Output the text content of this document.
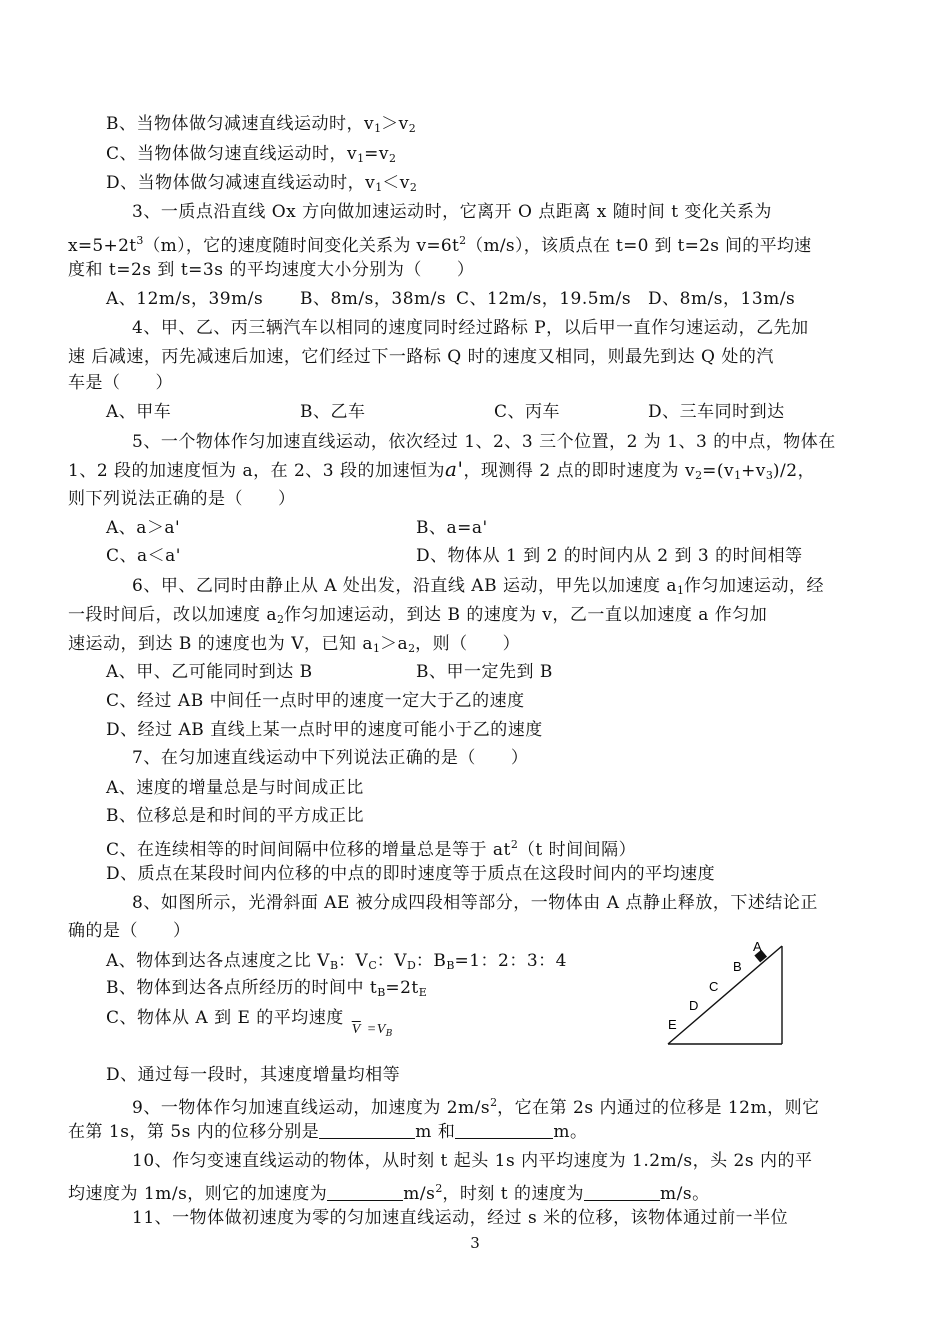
B、当物体做匀减速直线运动时，$v_1>v_2$
C、当物体做匀速直线运动时，$v_1=v_2$
D、当物体做匀减速直线运动时，$v_1<v_2$
3、一质点沿直线 Ox 方向做加速运动时，它离开 O 点距离 x 随时间 t 变化关系为
$x=5+2t^3(m)$，它的速度随时间变化关系为 $v=6t^2(m/s)$，该质点在 t=0 到 t=2s 间的平均速
度和 t=2s 到 t=3s 的平均速度大小分别为（　　）
A、12m/s，39m/s B、8m/s，38m/s C、12m/s，19.5m/s D、8m/s，13m/s
4、甲、乙、丙三辆汽车以相同的速度同时经过路标 P，以后甲一直作匀速运动，乙先加
速 后减速，丙先减速后加速，它们经过下一路标 Q 时的速度又相同，则最先到达 Q 处的汽
车是（　　）
A、甲车	B、乙车	C、丙车	D、三车同时到达
5、一个物体作匀加速直线运动，依次经过 1、2、3 三个位置，2 为 1、3 的中点，物体在
1、2 段的加速度恒为 a，在 2、3 段的加速恒为a'，现测得 2 点的即时速度为 $v_2=(v_1+v_3)/2$，
则下列说法正确的是（　　）
A、a＞a'	B、a=a'
C、a＜a'	D、物体从 1 到 2 的时间内从 2 到 3 的时间相等
6、甲、乙同时由静止从 A 处出发，沿直线 AB 运动，甲先以加速度 $a_1$作匀加速运动，经
一段时间后，改以加速度 $a_2$作匀加速运动，到达 B 的速度为 v，乙一直以加速度 a 作匀加
速运动，到达 B 的速度也为 V，已知 $a_1>a_2$，则（　　）
A、甲、乙可能同时到达 B	B、甲一定先到 B
C、经过 AB 中间任一点时甲的速度一定大于乙的速度
D、经过 AB 直线上某一点时甲的速度可能小于乙的速度
7、在匀加速直线运动中下列说法正确的是（　　）
A、速度的增量总是与时间成正比
B、位移总是和时间的平方成正比
C、在连续相等的时间间隔中位移的增量总是等于 $at^2(t$ 时间间隔）
D、质点在某段时间内位移的中点的即时速度等于质点在这段时间内的平均速度
8、如图所示，光滑斜面 AE 被分成四段相等部分，一物体由 A 点静止释放，下述结论正
确的是（　　）
A、物体到达各点速度之比 $V_B$：$V_C$：$V_D$：$B_B=1$：2：3：4
B、物体到达各点所经历的时间中 $t_B=2t_E$
C、物体从 A 到 E 的平均速度 $\overline{V} =V_B$
D、通过每一段时，其速度增量均相等
A
B
C
D
E
9、一物体作匀加速直线运动，加速度为 $2m/s^2$，它在第 2s 内通过的位移是 12m，则它
在第 1s，第 5s 内的位移分别是	m 和	m。
10、作匀变速直线运动的物体，从时刻 t 起头 1s 内平均速度为 1.2m/s，头 2s 内的平
均速度为 1m/s，则它的加速度为	$m/s^2$，时刻 t 的速度为	m/s。
11、一物体做初速度为零的匀加速直线运动，经过 s 米的位移，该物体通过前一半位
3
